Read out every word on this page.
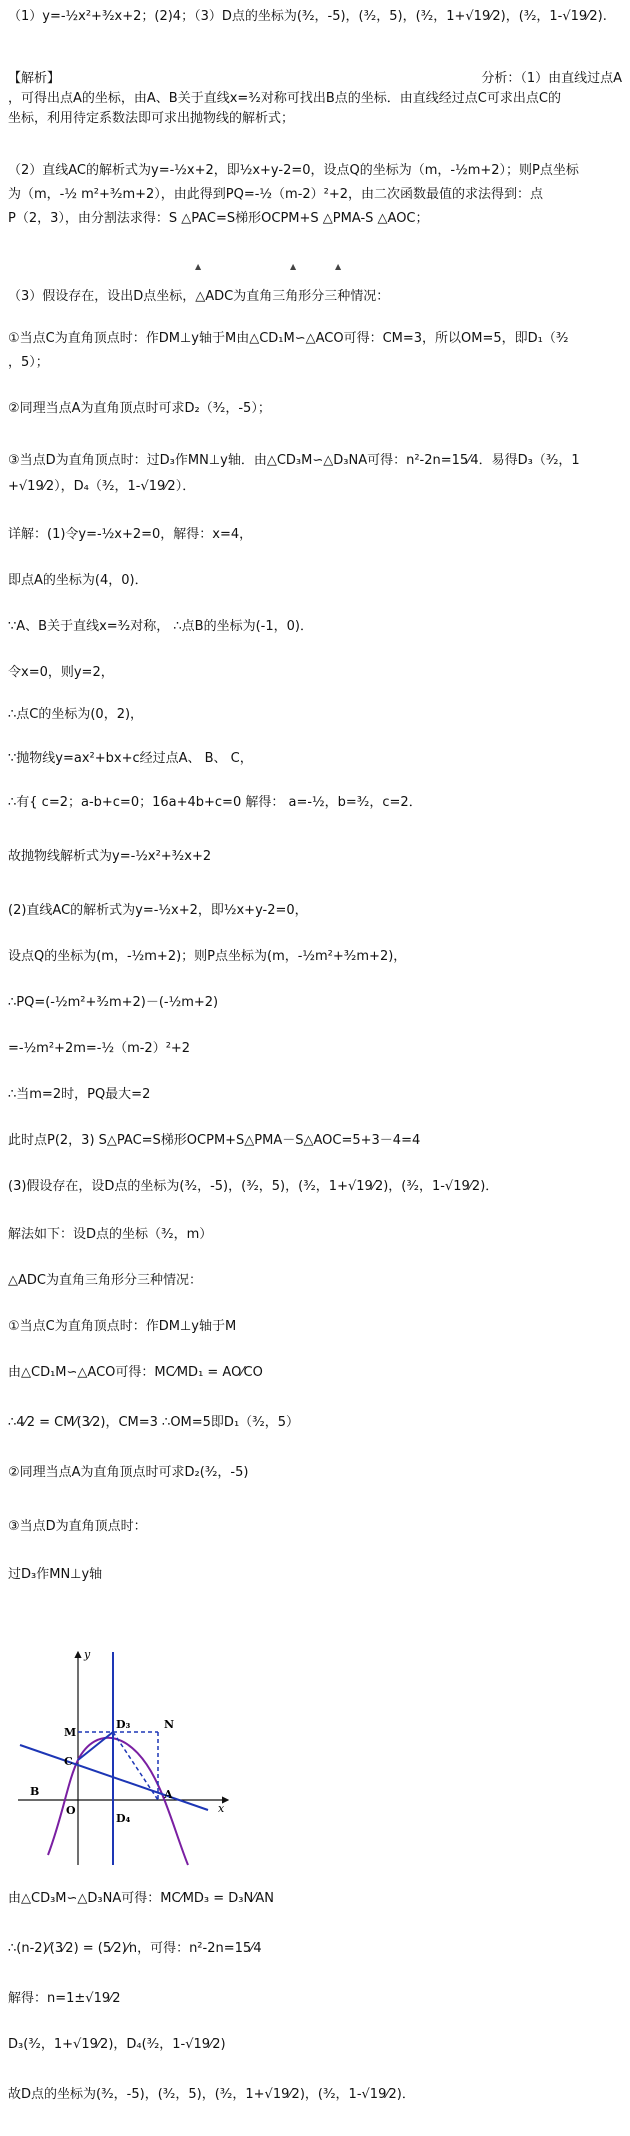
（1）y=-½x²+³⁄₂x+2；(2)4；（3）D点的坐标为(³⁄₂，-5)，(³⁄₂，5)，(³⁄₂，1+√19⁄2)，(³⁄₂，1-√19⁄2).
【解析】	分析：（1）由直线过点A
，可得出点A的坐标，由A、B关于直线x=³⁄₂对称可找出B点的坐标．由直线经过点C可求出点C的
坐标，利用待定系数法即可求出抛物线的解析式；
（2）直线AC的解析式为y=-½x+2，即½x+y-2=0，设点Q的坐标为（m，-½m+2）；则P点坐标
为（m，-½ m²+³⁄₂m+2），由此得到PQ=-½（m-2）²+2，由二次函数最值的求法得到：点
P（2，3），由分割法求得：S △PAC=S梯形OCPM+S △PMA-S △AOC；
▲	▲	▲
（3）假设存在，设出D点坐标，△ADC为直角三角形分三种情况：
①当点C为直角顶点时：作DM⊥y轴于M由△CD₁M∽△ACO可得：CM=3，所以OM=5，即D₁（³⁄₂
，5）；
②同理当点A为直角顶点时可求D₂（³⁄₂，-5）；
③当点D为直角顶点时：过D₃作MN⊥y轴．由△CD₃M∽△D₃NA可得：n²-2n=15⁄4．易得D₃（³⁄₂，1
+√19⁄2），D₄（³⁄₂，1-√19⁄2）．
详解：(1)令y=-½x+2=0，解得：x=4，
即点A的坐标为(4，0)．
∵A、B关于直线x=³⁄₂对称， ∴点B的坐标为(-1，0)．
令x=0，则y=2，
∴点C的坐标为(0，2)，
∵抛物线y=ax²+bx+c经过点A、 B、 C，
∴有{ c=2；a-b+c=0；16a+4b+c=0 解得： a=-½，b=³⁄₂，c=2．
故抛物线解析式为y=-½x²+³⁄₂x+2
(2)直线AC的解析式为y=-½x+2，即½x+y-2=0，
设点Q的坐标为(m，-½m+2)；则P点坐标为(m，-½m²+³⁄₂m+2)，
∴PQ=(-½m²+³⁄₂m+2)－(-½m+2)
=-½m²+2m=-½（m-2）²+2
∴当m=2时，PQ最大=2
此时点P(2，3) S△PAC=S梯形OCPM+S△PMA－S△AOC=5+3－4=4
(3)假设存在，设D点的坐标为(³⁄₂，-5)，(³⁄₂，5)，(³⁄₂，1+√19⁄2)，(³⁄₂，1-√19⁄2)．
解法如下：设D点的坐标（³⁄₂，m）
△ADC为直角三角形分三种情况：
①当点C为直角顶点时：作DM⊥y轴于M
由△CD₁M∽△ACO可得：MC⁄MD₁ = AO⁄CO
∴4⁄2 = CM⁄(3⁄2)，CM=3 ∴OM=5即D₁（³⁄₂，5）
②同理当点A为直角顶点时可求D₂(³⁄₂，-5)
③当点D为直角顶点时：
过D₃作MN⊥y轴
y
x
M
D₃	N
C
B
O
A
D₄
由△CD₃M∽△D₃NA可得：MC⁄MD₃ = D₃N⁄AN
∴(n-2)⁄(3⁄2) = (5⁄2)⁄n，可得：n²-2n=15⁄4
解得：n=1±√19⁄2
D₃(³⁄₂，1+√19⁄2)，D₄(³⁄₂，1-√19⁄2)
故D点的坐标为(³⁄₂，-5)，(³⁄₂，5)，(³⁄₂，1+√19⁄2)，(³⁄₂，1-√19⁄2)．
